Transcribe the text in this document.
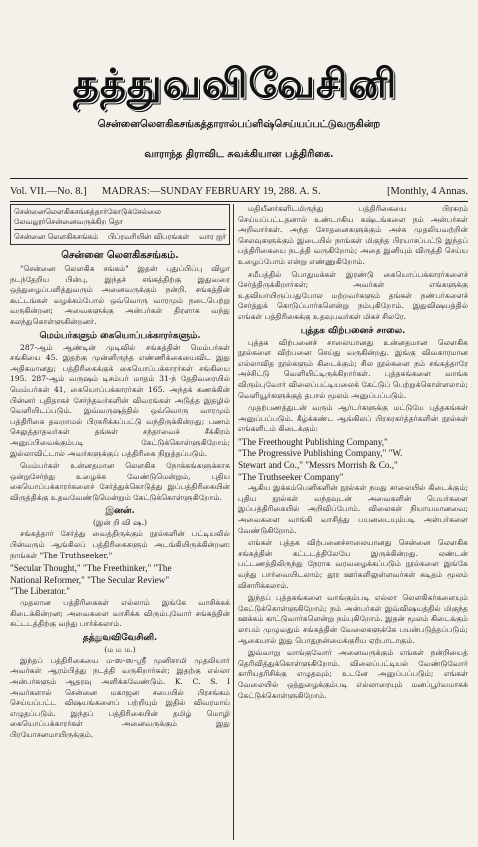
தத்துவவிவேசினி
சென்னைலௌகிகசங்கத்தாரால்பப்ளிஷ்செய்யப்பட்டுவருகின்ற
வாராந்த திராவிட சுவக்கியான பத்திரிகை.
Vol. VII.—No. 8.] MADRAS:—SUNDAY FEBRUARY 19, 288. A. S.	[Monthly, 4 Annas.
சென்னைலௌகிகசங்கத்தார்கோடுக்சேல்லை
லேவலூர்சென்னைவருக்கிற தொ
சென்னை லௌகிகசங்கம் பிப்ரவரியின் விபரங்கள் வார ஐர்
சென்னை லௌகிகசங்கம்.

"சென்னை லௌகிக சங்கம்" இதன் புதுப்பிப்பு விழா நடந்தேறிய பின்பு, இந்தச் சங்கத்திற்கு இதுவரை ஒத்துழைப்பளித்துவரும் அனைவருக்கும் நன்றி. சங்கத்தின் கூட்டங்கள் வழக்கம்போல் ஒவ்வொரு வாரமும் நடைபெற்று வருகின்றன; அவைகளுக்கு அன்பர்கள் திரளாக வந்து கலந்துகொள்ளுகின்றனர்.

மெம்பர்களும் கையொப்பக்காரர்களும்.

287-ஆம் ஆண்டின் முடிவில் சங்கத்தின் மெம்பர்கள் சங்கியை 45. இதற்கு முன்னிருந்த எண்ணிக்கையைவிட இது அதிகமானது; பத்திரிகைக்குக் கையொப்பக்காரர்கள் சங்கியை 195. 287-ஆம் வருஷம் டிசம்பர் மாதம் 31-ந் தேதிவரையில் மெம்பர்கள் 41, கையொப்பக்காரர்கள் 165. அந்தக் கணக்கின் பின்னர் புதிதாகச் சேர்ந்தவர்களின் விவரங்கள் அடுத்த இதழில் வெளியிடப்படும். இவ்வருஷத்தில் ஒவ்வொரு வாரமும் பத்திரிகை தவறாமல் பிரசுரிக்கப்பட்டு வந்திருக்கின்றது; பணம் செலுத்தாதவர்கள் தங்கள் சந்தாவைச் சீக்கிரம் அனுப்பிவைக்கும்படி கேட்டுக்கொள்ளுகிறோம்; இல்லாவிட்டால் அவர்களுக்குப் பத்திரிகை நிறுத்தப்படும்.

மெம்பர்கள் உன்னதமான லௌகிக நோக்கங்களுக்காக ஒன்றுசேர்ந்து உழைக்க வேண்டுமென்றும், புதிய கையொப்பக்காரர்களைச் சேர்த்துக்கொடுத்து இப்பத்திரிகையின் விருத்திக்கு உதவவேண்டுமென்றும் கேட்டுக்கொள்ளுகிறோம்.

இனன்.
(இன் றி வி ஷ.)

சங்கத்தார் சேர்த்து வைத்திருக்கும் நூல்களின் பட்டியலில் பின்வரும் ஆங்கிலப் பத்திரிகைகளும் அடங்கியிருக்கின்றன: நாங்கள் "The Truthseeker,"

"Secular Thought," "The Freethinker," "The
National Reformer," "The Secular Review"
"The Liberator."

முதலான பத்திரிகைகள் எல்லாம் இங்கே வாசிக்கக் கிடைக்கின்றன; அவைகளை வாசிக்க விரும்புவோர் சங்கத்தின் கட்டடத்திற்கு வந்து பார்க்கலாம்.

தத்துவவிவேசினி.
(ம ம ம.)

இந்தப் பத்திரிகையை ம-ஸ-ஸ-ஸ்ரீ முனிசாமி முதலியார் அவர்கள் ஆரம்பித்து நடத்தி வருகிறார்கள்; இதற்கு எல்லா அன்பர்களும் ஆதரவு அளிக்கவேண்டும். K. C. S. I அவர்களால் சென்னை மகாஜன சபையில் பிரசங்கம் செய்யப்பட்ட விஷயங்களைப் பற்றியும் இதில் விவரமாய் எழுதப்படும். இந்தப் பத்திரிகையின் தமிழ் மொழி கையொப்பக்காரர்கள் அனைவருக்கும் இது பிரயோசனமாயிருக்கும்.

மதியீனர்களிடமிருந்து பத்திரிகையை பிரசுரம் செய்யப்பட்டதனால் உண்டாகிய கஷ்டங்களை நம் அன்பர்கள் அறிவார்கள். அந்த சோதனைகளுக்கும் அச்சு முதலியவற்றின் செலவுகளுக்கும் இடையில் நாங்கள் மிகுந்த பிரயாசப்பட்டு இந்தப் பத்திரிகையை நடத்தி வருகிறோம்; அதை இனியும் விருத்தி செய்ய உழைப்போம் என்று எண்ணுகிறோம்.

சமீபத்தில் பொதுமக்கள் இரண்டு கையொப்பக்காரர்களைச் சேர்த்திருக்கிறார்கள்; அவர்கள் எங்களுக்கு உதவியாயிருப்பதுபோல மற்றவர்களும் தங்கள் நண்பர்களைச் சேர்த்துக் கொடுப்பார்களென்று நம்புகிறோம். இதுவிஷயத்தில் எங்கள் பத்திரிகைக்கு உதவுபவர்கள் மிகச் சிலரே.

புத்தக விற்பனைச் சாலை.

புத்தக விற்பனைச் சாலையானது உன்னதமான லௌகிக நூல்களை விற்பனை செய்து வருகின்றது. இங்கு விவகாரமான எல்லாவித நூல்களும் கிடைக்கும்; சில நூல்களை நம் சங்கத்தாரே அச்சிட்டு வெளியிட்டிருக்கிறார்கள். புத்தகங்களை வாங்க விரும்புவோர் விலைப்பட்டியலைக் கேட்டுப் பெற்றுக்கொள்ளலாம்; வெளியூர்களுக்குத் தபால் மூலம் அனுப்பப்படும்.

முதற்பணத்துடன் வரும் ஆர்டர்களுக்கு மட்டுமே புத்தகங்கள் அனுப்பப்படும். கீழ்க்கண்ட ஆங்கிலப் பிரசுரகர்த்தர்களின் நூல்கள் எங்களிடம் கிடைக்கும்:

"The Freethought Publishing Company,"
"The Progressive Publishing Company," "W.
Stewart and Co.," "Messrs Morrish & Co.,"
"The Truthseeker Company"

ஆகிய இக்கம்பெனிகளின் நூல்கள் நமது சாலையில் கிடைக்கும்; புதிய நூல்கள் வந்தவுடன் அவைகளின் பெயர்களை இப்பத்திரிகையில் அறிவிப்போம். விலைகள் நியாயமானவை; அவைகளை வாங்கி வாசித்து பயனடையும்படி அன்பர்களை வேண்டுகிறோம்.

எங்கள் புத்தக விற்பனைச்சாலையானது சென்னை லௌகிக சங்கத்தின் கட்டடத்திலேயே இருக்கின்றது. லண்டன் பட்டணத்திலிருந்து நேராக வரவழைக்கப்படும் நூல்களை இங்கே வந்து பார்வையிடலாம்; தூர ஊர்களிலுள்ளவர்கள் கடிதம் மூலம் விசாரிக்கலாம்.

இந்தப் புத்தகங்களை வாங்கும்படி எல்லா லௌகிகர்களையும் கேட்டுக்கொள்ளுகிறோம்; நம் அன்பர்கள் இவ்விஷயத்தில் மிகுந்த ஊக்கம் காட்டுவார்களென்று நம்புகிறோம். இதன் மூலம் கிடைக்கும் லாபம் முழுவதும் சங்கத்தின் வேலைகளுக்கே பயன்படுத்தப்படும்; ஆகையால் இது பொதுநன்மைக்குரிய ஏற்பாடாகும்.

இவ்வாறு வாங்குவோர் அனைவருக்கும் எங்கள் நன்றியைத் தெரிவித்துக்கொள்ளுகிறோம். விலைப்பட்டியல் வேண்டுவோர் காரியதரிசிக்கு எழுதவும்; உடனே அனுப்பப்படும்; எங்கள் வேலையில் ஒத்துழைக்கும்படி எல்லாரையும் மனப்பூர்வமாகக் கேட்டுக்கொள்ளுகிறோம்.
